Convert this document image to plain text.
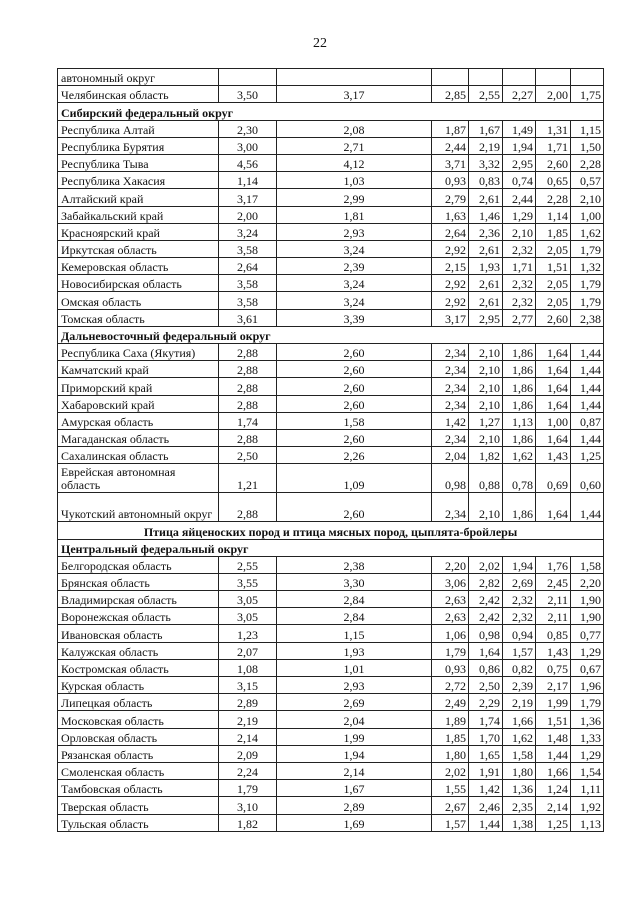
22
автономный округ							
Челябинская область	3,50	3,17	2,85	2,55	2,27	2,00	1,75
Сибирский федеральный округ							
Республика Алтай	2,30	2,08	1,87	1,67	1,49	1,31	1,15
Республика Бурятия	3,00	2,71	2,44	2,19	1,94	1,71	1,50
Республика Тыва	4,56	4,12	3,71	3,32	2,95	2,60	2,28
Республика Хакасия	1,14	1,03	0,93	0,83	0,74	0,65	0,57
Алтайский край	3,17	2,99	2,79	2,61	2,44	2,28	2,10
Забайкальский край	2,00	1,81	1,63	1,46	1,29	1,14	1,00
Красноярский край	3,24	2,93	2,64	2,36	2,10	1,85	1,62
Иркутская область	3,58	3,24	2,92	2,61	2,32	2,05	1,79
Кемеровская область	2,64	2,39	2,15	1,93	1,71	1,51	1,32
Новосибирская область	3,58	3,24	2,92	2,61	2,32	2,05	1,79
Омская область	3,58	3,24	2,92	2,61	2,32	2,05	1,79
Томская область	3,61	3,39	3,17	2,95	2,77	2,60	2,38
Дальневосточный федеральный округ							
Республика Саха (Якутия)	2,88	2,60	2,34	2,10	1,86	1,64	1,44
Камчатский край	2,88	2,60	2,34	2,10	1,86	1,64	1,44
Приморский край	2,88	2,60	2,34	2,10	1,86	1,64	1,44
Хабаровский край	2,88	2,60	2,34	2,10	1,86	1,64	1,44
Амурская область	1,74	1,58	1,42	1,27	1,13	1,00	0,87
Магаданская область	2,88	2,60	2,34	2,10	1,86	1,64	1,44
Сахалинская область	2,50	2,26	2,04	1,82	1,62	1,43	1,25
Еврейская автономная область	1,21	1,09	0,98	0,88	0,78	0,69	0,60
Чукотский автономный округ	2,88	2,60	2,34	2,10	1,86	1,64	1,44
Птица яйценоских пород и птица мясных пород, цыплята-бройлеры							
Центральный федеральный округ							
Белгородская область	2,55	2,38	2,20	2,02	1,94	1,76	1,58
Брянская область	3,55	3,30	3,06	2,82	2,69	2,45	2,20
Владимирская область	3,05	2,84	2,63	2,42	2,32	2,11	1,90
Воронежская область	3,05	2,84	2,63	2,42	2,32	2,11	1,90
Ивановская область	1,23	1,15	1,06	0,98	0,94	0,85	0,77
Калужская область	2,07	1,93	1,79	1,64	1,57	1,43	1,29
Костромская область	1,08	1,01	0,93	0,86	0,82	0,75	0,67
Курская область	3,15	2,93	2,72	2,50	2,39	2,17	1,96
Липецкая область	2,89	2,69	2,49	2,29	2,19	1,99	1,79
Московская область	2,19	2,04	1,89	1,74	1,66	1,51	1,36
Орловская область	2,14	1,99	1,85	1,70	1,62	1,48	1,33
Рязанская область	2,09	1,94	1,80	1,65	1,58	1,44	1,29
Смоленская область	2,24	2,14	2,02	1,91	1,80	1,66	1,54
Тамбовская область	1,79	1,67	1,55	1,42	1,36	1,24	1,11
Тверская область	3,10	2,89	2,67	2,46	2,35	2,14	1,92
Тульская область	1,82	1,69	1,57	1,44	1,38	1,25	1,13
